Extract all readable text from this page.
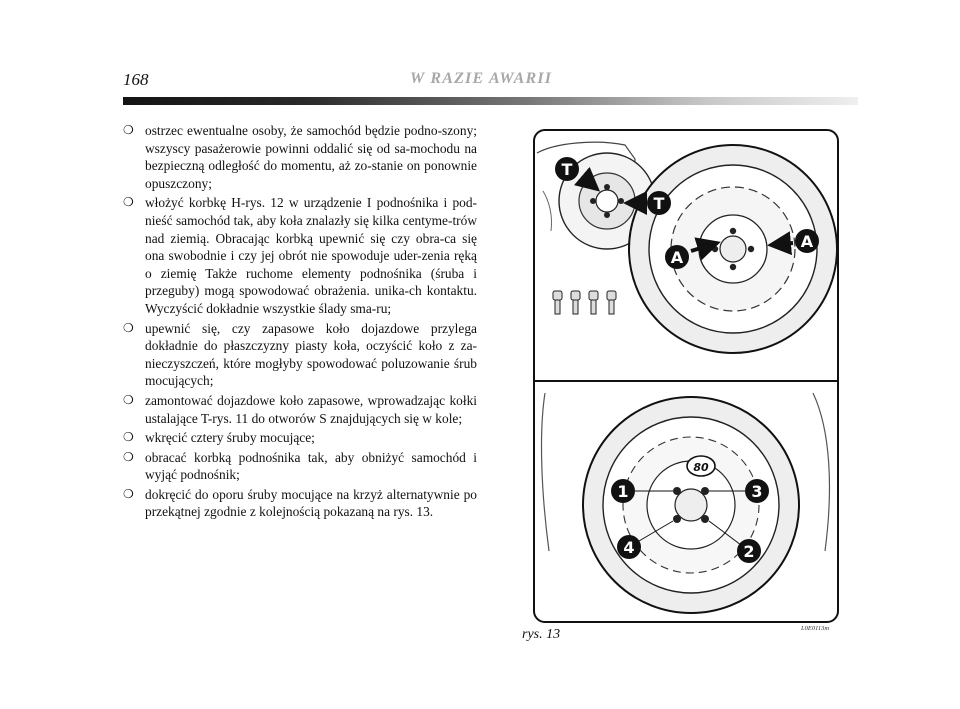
168	W RAZIE AWARII
❍ ostrzec ewentualne osoby, że samochód będzie podno-szony; wszyscy pasażerowie powinni oddalić się od sa-mochodu na bezpieczną odległość do momentu, aż zo-stanie on ponownie opuszczony;
❍ włożyć korbkę H-rys. 12 w urządzenie I podnośnika i pod-nieść samochód tak, aby koła znalazły się kilka centyme-trów nad ziemią. Obracając korbką upewnić się czy obra-ca się ona swobodnie i czy jej obrót nie spowoduje uder-zenia ręką o ziemię Także ruchome elementy podnośnika (śruba i przeguby) mogą spowodować obrażenia. unika-ch kontaktu. Wyczyścić dokładnie wszystkie ślady sma-ru;
❍ upewnić się, czy zapasowe koło dojazdowe przylega dokładnie do płaszczyzny piasty koła, oczyścić koło z za-nieczyszczeń, które mogłyby spowodować poluzowanie śrub mocujących;
❍ zamontować dojazdowe koło zapasowe, wprowadzając kołki ustalające T-rys. 11 do otworów S znajdujących się w kole;
❍ wkręcić cztery śruby mocujące;
❍ obracać korbką podnośnika tak, aby obniżyć samochód i wyjąć podnośnik;
❍ dokręcić do oporu śruby mocujące na krzyż alternatywnie po przekątnej zgodnie z kolejnością pokazaną na rys. 13.
T
T
A
A
80
1	3
4	2
rys. 13	L0E0113m
